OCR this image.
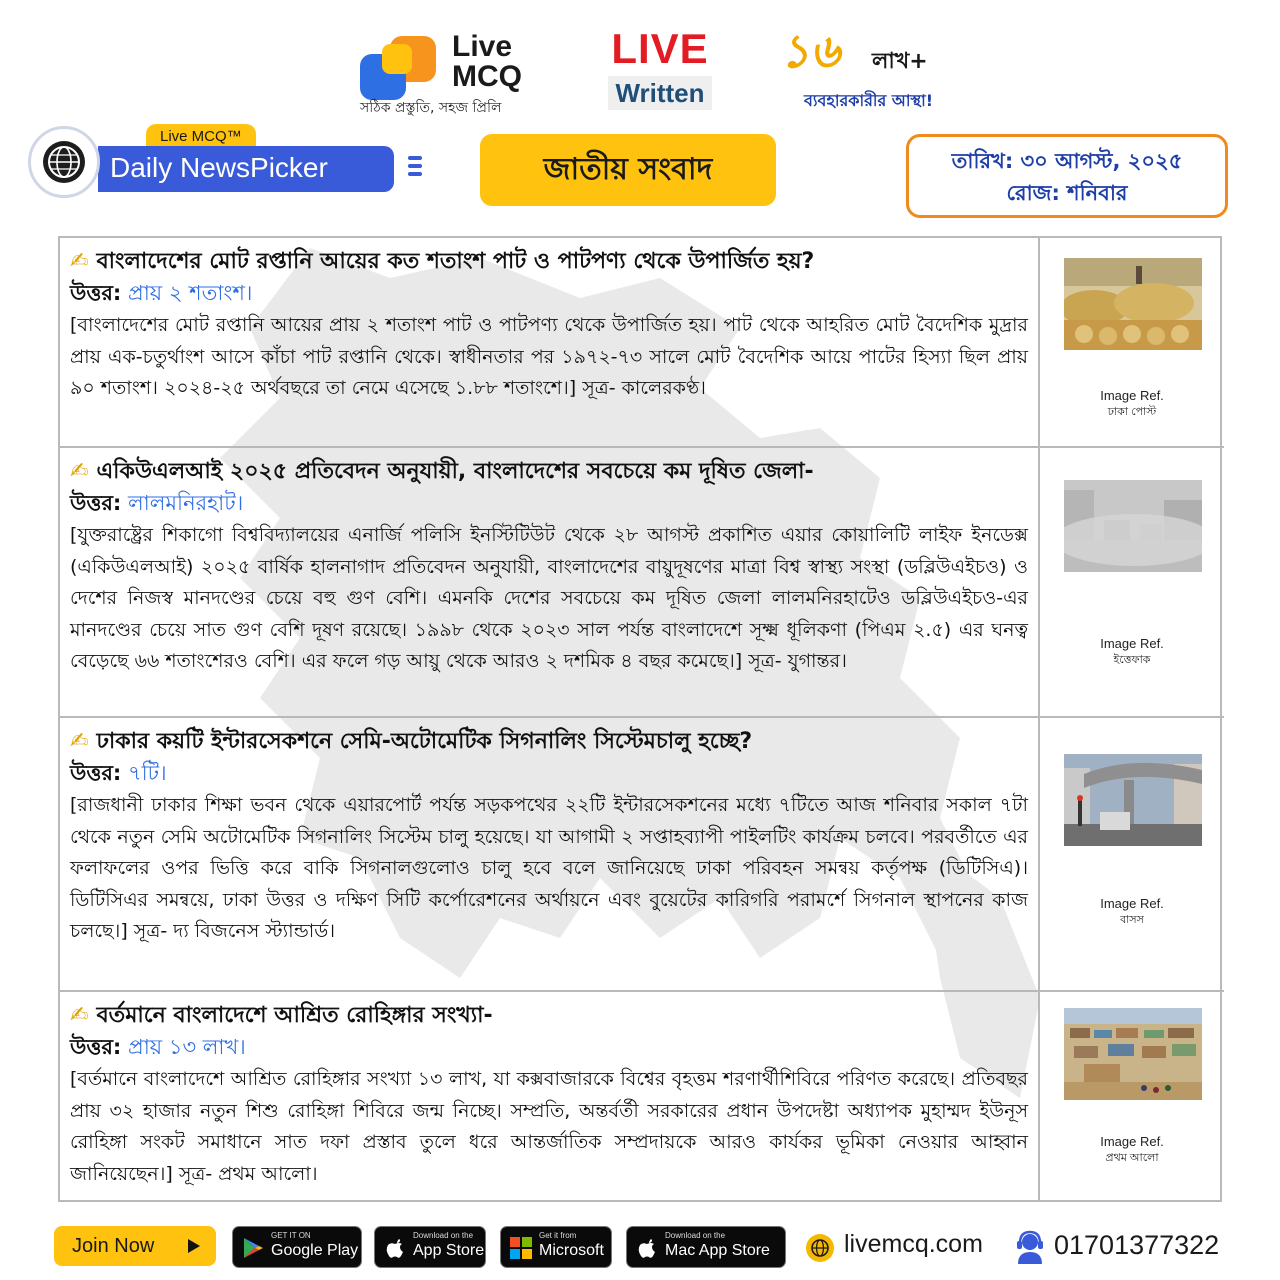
Live
MCQ
সঠিক প্রস্তুতি, সহজ প্রিলি
LIVE
Written
১৬ লাখ+
ব্যবহারকারীর আস্থা!
Live MCQ™
Daily NewsPicker	জাতীয় সংবাদ	তারিখ: ৩০ আগস্ট, ২০২৫
রোজ: শনিবার
✍ বাংলাদেশের মোট রপ্তানি আয়ের কত শতাংশ পাট ও পাটপণ্য থেকে উপার্জিত হয়?
উত্তর: প্রায় ২ শতাংশ।
[বাংলাদেশের মোট রপ্তানি আয়ের প্রায় ২ শতাংশ পাট ও পাটপণ্য থেকে উপার্জিত হয়। পাট থেকে আহরিত মোট বৈদেশিক মুদ্রার প্রায় এক-চতুর্থাংশ আসে কাঁচা পাট রপ্তানি থেকে। স্বাধীনতার পর ১৯৭২-৭৩ সালে মোট বৈদেশিক আয়ে পাটের হিস্যা ছিল প্রায় ৯০ শতাংশ। ২০২৪-২৫ অর্থবছরে তা নেমে এসেছে ১.৮৮ শতাংশে।] সূত্র- কালেরকণ্ঠ।	Image Ref.
ঢাকা পোস্ট
✍ একিউএলআই ২০২৫ প্রতিবেদন অনুযায়ী, বাংলাদেশের সবচেয়ে কম দূষিত জেলা-
উত্তর: লালমনিরহাট।
[যুক্তরাষ্ট্রের শিকাগো বিশ্ববিদ্যালয়ের এনার্জি পলিসি ইনস্টিটিউট থেকে ২৮ আগস্ট প্রকাশিত এয়ার কোয়ালিটি লাইফ ইনডেক্স (একিউএলআই) ২০২৫ বার্ষিক হালনাগাদ প্রতিবেদন অনুযায়ী, বাংলাদেশের বায়ুদূষণের মাত্রা বিশ্ব স্বাস্থ্য সংস্থা (ডব্লিউএইচও) ও দেশের নিজস্ব মানদণ্ডের চেয়ে বহু গুণ বেশি। এমনকি দেশের সবচেয়ে কম দূষিত জেলা লালমনিরহাটেও ডব্লিউএইচও-এর মানদণ্ডের চেয়ে সাত গুণ বেশি দূষণ রয়েছে। ১৯৯৮ থেকে ২০২৩ সাল পর্যন্ত বাংলাদেশে সূক্ষ্ম ধূলিকণা (পিএম ২.৫) এর ঘনত্ব বেড়েছে ৬৬ শতাংশেরও বেশি। এর ফলে গড় আয়ু থেকে আরও ২ দশমিক ৪ বছর কমেছে।] সূত্র- যুগান্তর।
Image Ref.
ইত্তেফাক
✍ ঢাকার কয়টি ইন্টারসেকশনে সেমি-অটোমেটিক সিগনালিং সিস্টেমচালু হচ্ছে?
উত্তর: ৭টি।
[রাজধানী ঢাকার শিক্ষা ভবন থেকে এয়ারপোর্ট পর্যন্ত সড়কপথের ২২টি ইন্টারসেকশনের মধ্যে ৭টিতে আজ শনিবার সকাল ৭টা থেকে নতুন সেমি অটোমেটিক সিগনালিং সিস্টেম চালু হয়েছে। যা আগামী ২ সপ্তাহব্যাপী পাইলটিং কার্যক্রম চলবে। পরবর্তীতে এর ফলাফলের ওপর ভিত্তি করে বাকি সিগনালগুলোও চালু হবে বলে জানিয়েছে ঢাকা পরিবহন সমন্বয় কর্তৃপক্ষ (ডিটিসিএ)। ডিটিসিএর সমন্বয়ে, ঢাকা উত্তর ও দক্ষিণ সিটি কর্পোরেশনের অর্থায়নে এবং বুয়েটের কারিগরি পরামর্শে সিগনাল স্থাপনের কাজ চলছে।] সূত্র- দ্য বিজনেস স্ট্যান্ডার্ড।
Image Ref.
বাসস
✍ বর্তমানে বাংলাদেশে আশ্রিত রোহিঙ্গার সংখ্যা-
উত্তর: প্রায় ১৩ লাখ।
[বর্তমানে বাংলাদেশে আশ্রিত রোহিঙ্গার সংখ্যা ১৩ লাখ, যা কক্সবাজারকে বিশ্বের বৃহত্তম শরণার্থীশিবিরে পরিণত করেছে। প্রতিবছর প্রায় ৩২ হাজার নতুন শিশু রোহিঙ্গা শিবিরে জন্ম নিচ্ছে। সম্প্রতি, অন্তর্বর্তী সরকারের প্রধান উপদেষ্টা অধ্যাপক মুহাম্মদ ইউনূস রোহিঙ্গা সংকট সমাধানে সাত দফা প্রস্তাব তুলে ধরে আন্তর্জাতিক সম্প্রদায়কে আরও কার্যকর ভূমিকা নেওয়ার আহ্বান জানিয়েছেন।] সূত্র- প্রথম আলো।
Image Ref.
প্রথম আলো
Join Now	GET IT ON
Google Play
Download on the
App Store
Get it from
Microsoft
Download on the
Mac App Store	livemcq.com	01701377322
